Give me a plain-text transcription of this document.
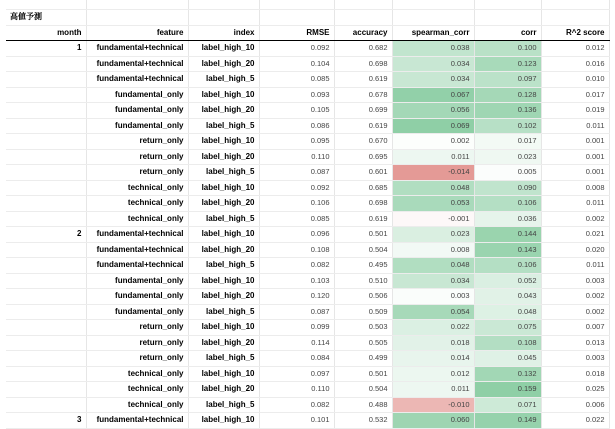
高値予測							
month	feature	index	RMSE	accuracy	spearman_corr	corr	R^2 score
1	fundamental+technical	label_high_10	0.092	0.682	0.038	0.100	0.012
	fundamental+technical	label_high_20	0.104	0.698	0.034	0.123	0.016
	fundamental+technical	label_high_5	0.085	0.619	0.034	0.097	0.010
	fundamental_only	label_high_10	0.093	0.678	0.067	0.128	0.017
	fundamental_only	label_high_20	0.105	0.699	0.056	0.136	0.019
	fundamental_only	label_high_5	0.086	0.619	0.069	0.102	0.011
	return_only	label_high_10	0.095	0.670	0.002	0.017	0.001
	return_only	label_high_20	0.110	0.695	0.011	0.023	0.001
	return_only	label_high_5	0.087	0.601	-0.014	0.005	0.001
	technical_only	label_high_10	0.092	0.685	0.048	0.090	0.008
	technical_only	label_high_20	0.106	0.698	0.053	0.106	0.011
	technical_only	label_high_5	0.085	0.619	-0.001	0.036	0.002
2	fundamental+technical	label_high_10	0.096	0.501	0.023	0.144	0.021
	fundamental+technical	label_high_20	0.108	0.504	0.008	0.143	0.020
	fundamental+technical	label_high_5	0.082	0.495	0.048	0.106	0.011
	fundamental_only	label_high_10	0.103	0.510	0.034	0.052	0.003
	fundamental_only	label_high_20	0.120	0.506	0.003	0.043	0.002
	fundamental_only	label_high_5	0.087	0.509	0.054	0.048	0.002
	return_only	label_high_10	0.099	0.503	0.022	0.075	0.007
	return_only	label_high_20	0.114	0.505	0.018	0.108	0.013
	return_only	label_high_5	0.084	0.499	0.014	0.045	0.003
	technical_only	label_high_10	0.097	0.501	0.012	0.132	0.018
	technical_only	label_high_20	0.110	0.504	0.011	0.159	0.025
	technical_only	label_high_5	0.082	0.488	-0.010	0.071	0.006
3	fundamental+technical	label_high_10	0.101	0.532	0.060	0.149	0.022
